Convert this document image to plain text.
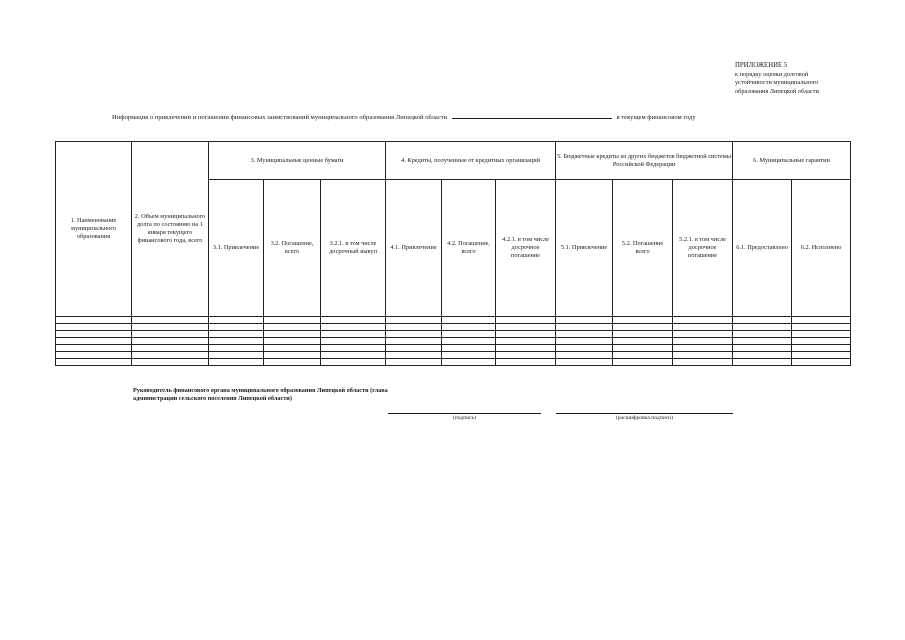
ПРИЛОЖЕНИЕ 5
к порядку оценки долговой
устойчивости муниципального
образования Липецкой области
Информация о привлечении и погашении финансовых заимствований муниципального образования Липецкой области	в текущем финансовом году
1. Наименование муниципального образования	2. Объем муниципального долга по состоянию на 1 января текущего финансового года, всего	3. Муниципальные ценные бумаги			4. Кредиты, полученные от кредитных организаций			5. Бюджетные кредиты из других бюджетов бюджетной системы Российской Федерации			6. Муниципальные гарантии	
		3.1. Привлечение	3.2. Погашение, всего	3.2.1. в том числе досрочный выкуп	4.1. Привлечение	4.2. Погашение, всего	4.2.1. в том числе досрочное погашение	5.1. Привлечение	5.2. Погашение всего	5.2.1. в том числе досрочное погашение	6.1. Предоставлено	6.2. Исполнено

Руководитель финансового органа муниципального образования Липецкой области (глава администрации сельского поселения Липецкой области)
(подпись)	(расшифровка подписи)
